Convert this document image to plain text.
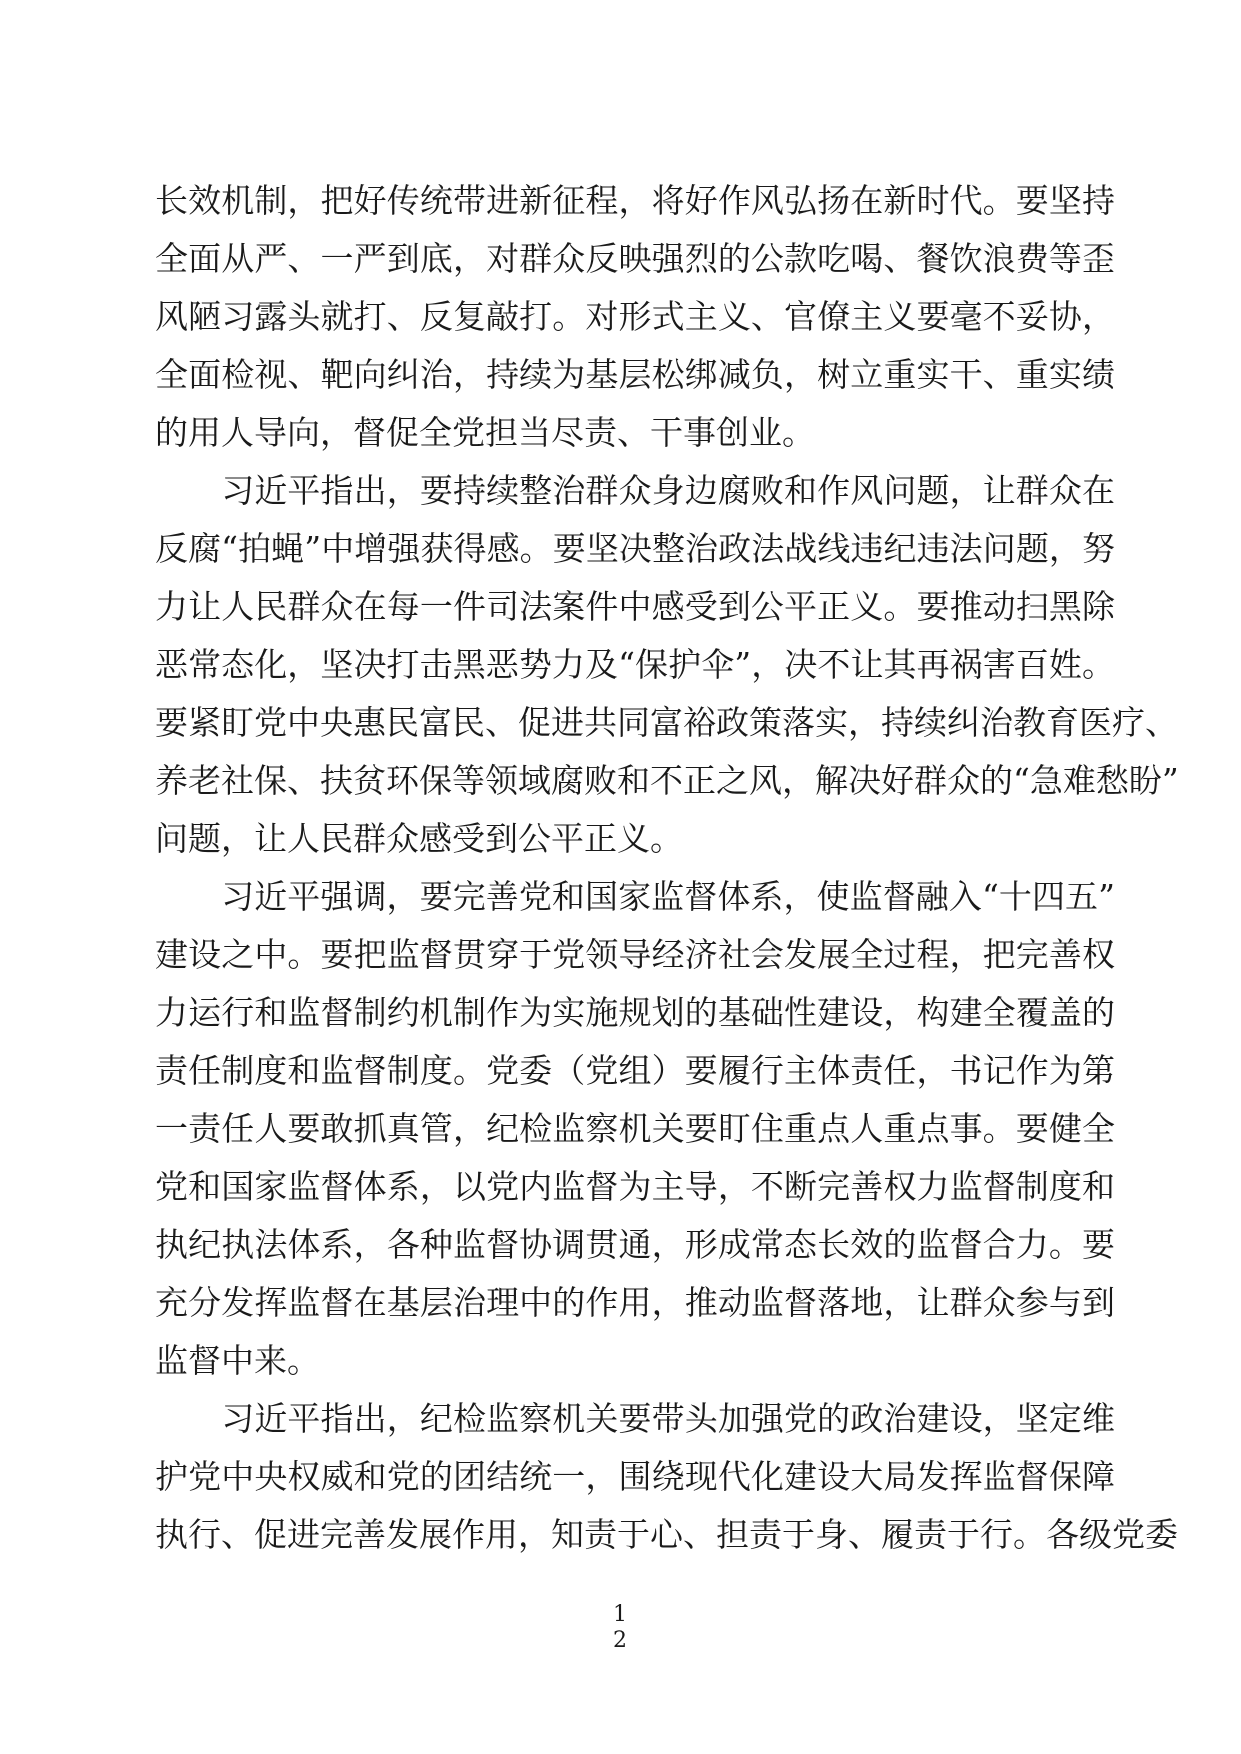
长效机制，把好传统带进新征程，将好作风弘扬在新时代。要坚持
全面从严、一严到底，对群众反映强烈的公款吃喝、餐饮浪费等歪
风陋习露头就打、反复敲打。对形式主义、官僚主义要毫不妥协，
全面检视、靶向纠治，持续为基层松绑减负，树立重实干、重实绩
的用人导向，督促全党担当尽责、干事创业。
　　习近平指出，要持续整治群众身边腐败和作风问题，让群众在
反腐“拍蝇”中增强获得感。要坚决整治政法战线违纪违法问题，努
力让人民群众在每一件司法案件中感受到公平正义。要推动扫黑除
恶常态化，坚决打击黑恶势力及“保护伞”，决不让其再祸害百姓。
要紧盯党中央惠民富民、促进共同富裕政策落实，持续纠治教育医疗、
养老社保、扶贫环保等领域腐败和不正之风，解决好群众的“急难愁盼”
问题，让人民群众感受到公平正义。
　　习近平强调，要完善党和国家监督体系，使监督融入“十四五”
建设之中。要把监督贯穿于党领导经济社会发展全过程，把完善权
力运行和监督制约机制作为实施规划的基础性建设，构建全覆盖的
责任制度和监督制度。党委（党组）要履行主体责任，书记作为第
一责任人要敢抓真管，纪检监察机关要盯住重点人重点事。要健全
党和国家监督体系，以党内监督为主导，不断完善权力监督制度和
执纪执法体系，各种监督协调贯通，形成常态长效的监督合力。要
充分发挥监督在基层治理中的作用，推动监督落地，让群众参与到
监督中来。
　　习近平指出，纪检监察机关要带头加强党的政治建设，坚定维
护党中央权威和党的团结统一，围绕现代化建设大局发挥监督保障
执行、促进完善发展作用，知责于心、担责于身、履责于行。各级党委
1
2
